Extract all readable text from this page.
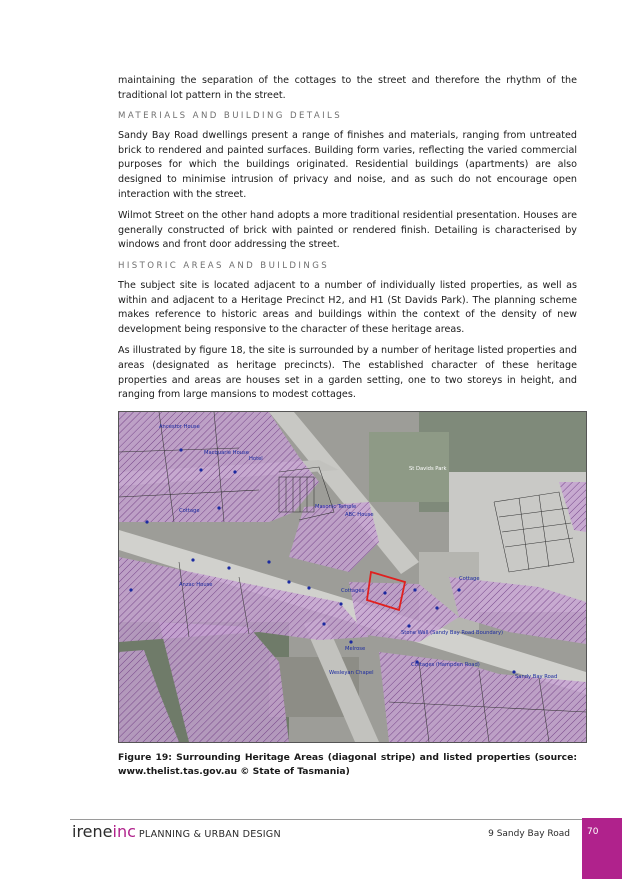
maintaining the separation of the cottages to the street and therefore the rhythm of the traditional lot pattern in the street.

MATERIALS AND BUILDING DETAILS

Sandy Bay Road dwellings present a range of finishes and materials, ranging from untreated brick to rendered and painted surfaces. Building form varies, reflecting the varied commercial purposes for which the buildings originated. Residential buildings (apartments) are also designed to minimise intrusion of privacy and noise, and as such do not encourage open interaction with the street.

Wilmot Street on the other hand adopts a more traditional residential presentation. Houses are generally constructed of brick with painted or rendered finish. Detailing is characterised by windows and front door addressing the street.

HISTORIC AREAS AND BUILDINGS

The subject site is located adjacent to a number of individually listed properties, as well as within and adjacent to a Heritage Precinct H2, and H1 (St Davids Park). The planning scheme makes reference to historic areas and buildings within the context of the density of new development being responsive to the character of these heritage areas.

As illustrated by figure 18, the site is surrounded by a number of heritage listed properties and areas (designated as heritage precincts). The established character of these heritage properties and areas are houses set in a garden setting, one to two storeys in height, and ranging from large mansions to modest cottages.

Ancestor House
Macquarie House
Cottage
Hotel
St Davids Park
Masonic Temple
ABC House
Anzac House
Melrose
Cottages
Sandy Bay Road
Stone Wall (Sandy Bay Road Boundary)
Cottage
Wesleyan Chapel
Cottages (Hampden Road)
Figure 19: Surrounding Heritage Areas (diagonal stripe) and listed properties (source: www.thelist.tas.gov.au © State of Tasmania)
ireneinc PLANNING & URBAN DESIGN	9 Sandy Bay Road 70
